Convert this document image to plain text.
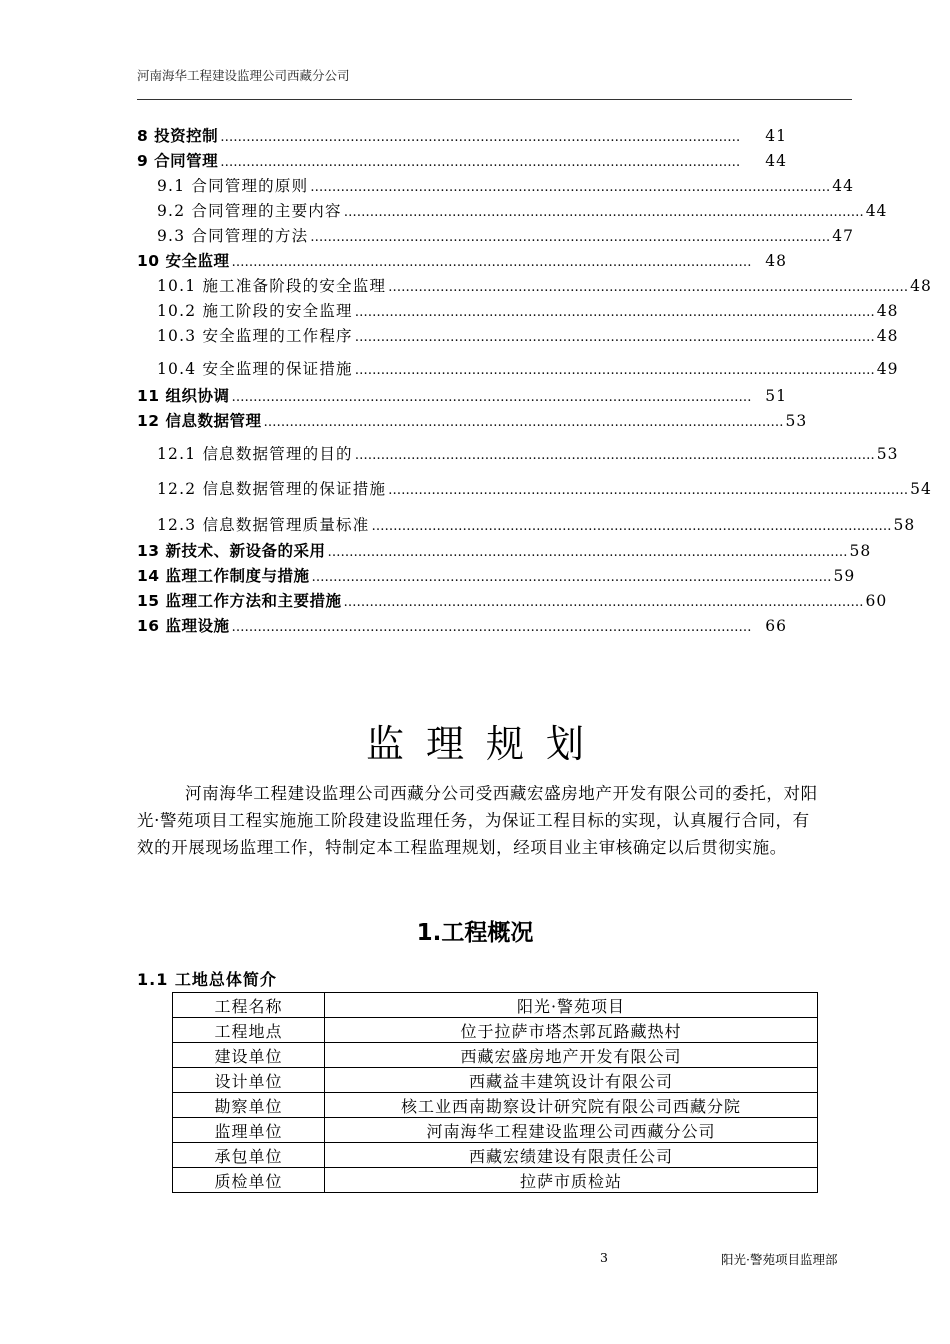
河南海华工程建设监理公司西藏分公司
8 投资控制 …………………………………………………………………………………………………………	41
9 合同管理 …………………………………………………………………………………………………………	44
9.1 合同管理的原则 ………………………………………………………………………………………………………… 44
9.2 合同管理的主要内容 ………………………………………………………………………………………………………… 44
9.3 合同管理的方法 ………………………………………………………………………………………………………… 47
10 安全监理 ………………………………………………………………………………………………………… 48
10.1 施工准备阶段的安全监理 ………………………………………………………………………………………………………… 48
10.2 施工阶段的安全监理 ………………………………………………………………………………………………………… 48
10.3 安全监理的工作程序 ………………………………………………………………………………………………………… 48
10.4 安全监理的保证措施 ………………………………………………………………………………………………………… 49
11 组织协调 ………………………………………………………………………………………………………… 51
12 信息数据管理 ………………………………………………………………………………………………………… 53
12.1 信息数据管理的目的 ………………………………………………………………………………………………………… 53
12.2 信息数据管理的保证措施 ………………………………………………………………………………………………………… 54
12.3 信息数据管理质量标准 ………………………………………………………………………………………………………… 58
13 新技术、新设备的采用 ………………………………………………………………………………………………………… 58
14 监理工作制度与措施 ………………………………………………………………………………………………………… 59
15 监理工作方法和主要措施 ………………………………………………………………………………………………………… 60
16 监理设施 ………………………………………………………………………………………………………… 66
监理规划

河南海华工程建设监理公司西藏分公司受西藏宏盛房地产开发有限公司的委托，对阳光·警苑项目工程实施施工阶段建设监理任务，为保证工程目标的实现，认真履行合同，有效的开展现场监理工作，特制定本工程监理规划，经项目业主审核确定以后贯彻实施。

1.工程概况
1.1 工地总体简介
工程名称	阳光·警苑项目
工程地点	位于拉萨市塔杰郭瓦路藏热村
建设单位	西藏宏盛房地产开发有限公司
设计单位	西藏益丰建筑设计有限公司
勘察单位	核工业西南勘察设计研究院有限公司西藏分院
监理单位	河南海华工程建设监理公司西藏分公司
承包单位	西藏宏绩建设有限责任公司
质检单位	拉萨市质检站
3	阳光·警苑项目监理部
